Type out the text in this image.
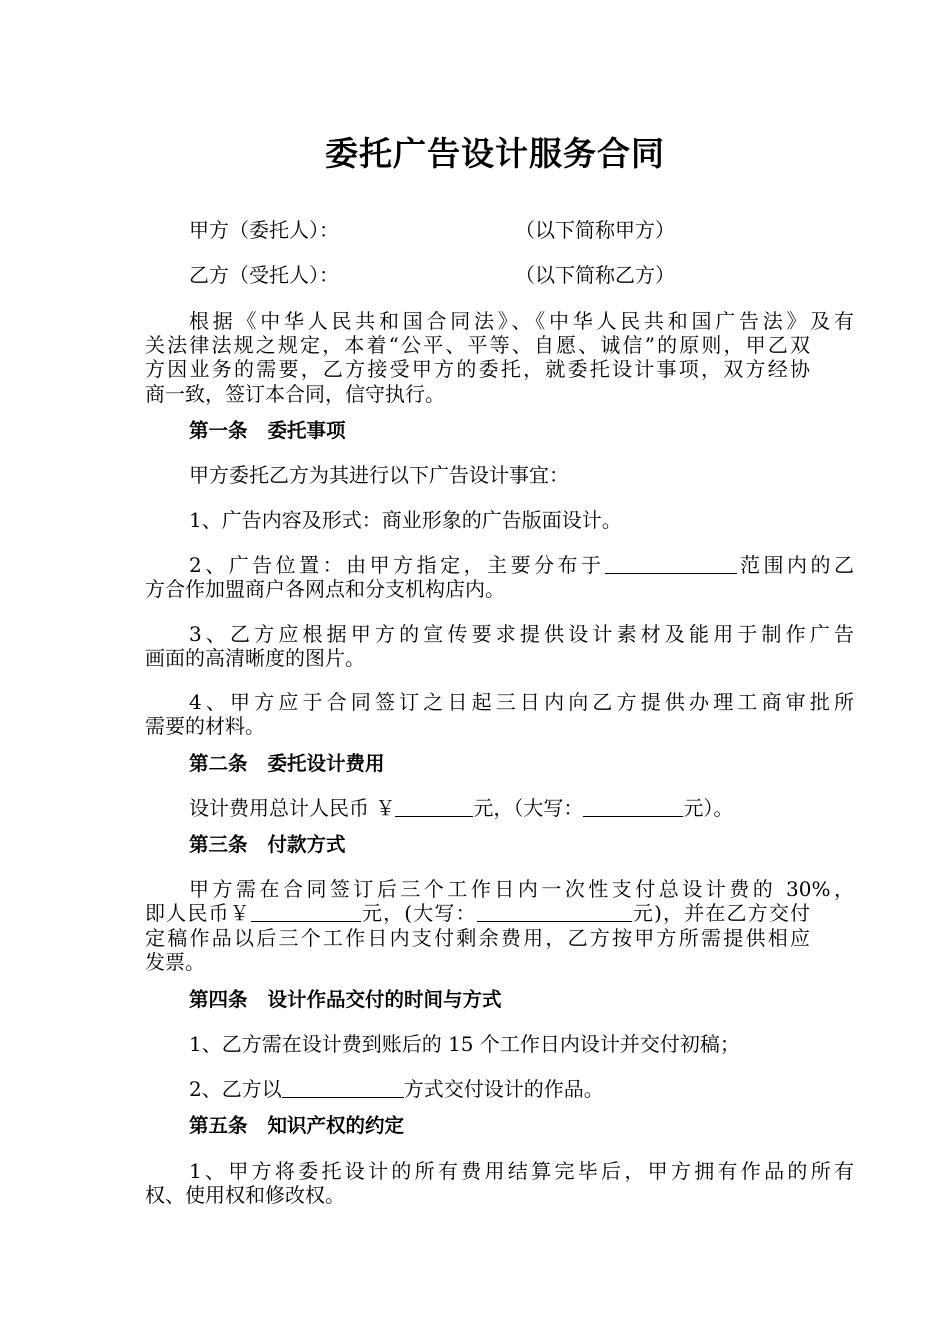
委托广告设计服务合同
甲方（委托人）：	（以下简称甲方）
乙方（受托人）：	（以下简称乙方）
根据《中华人民共和国合同法》、《中华人民共和国广告法》及有
关法律法规之规定，本着“公平、平等、自愿、诚信”的原则，甲乙双
方因业务的需要，乙方接受甲方的委托，就委托设计事项，双方经协
商一致，签订本合同，信守执行。
第一条 委托事项
甲方委托乙方为其进行以下广告设计事宜：
1、广告内容及形式：商业形象的广告版面设计。
2、广告位置：由甲方指定，主要分布于	范围内的乙
方合作加盟商户各网点和分支机构店内。
3、乙方应根据甲方的宣传要求提供设计素材及能用于制作广告
画面的高清晰度的图片。
4、甲方应于合同签订之日起三日内向乙方提供办理工商审批所
需要的材料。
第二条 委托设计费用
设计费用总计人民币 ￥	元，（大写：	元）。
第三条 付款方式
甲方需在合同签订后三个工作日内一次性支付总设计费的 30%，
即人民币￥	元，(大写：	元)，并在乙方交付
定稿作品以后三个工作日内支付剩余费用，乙方按甲方所需提供相应
发票。
第四条 设计作品交付的时间与方式
1、乙方需在设计费到账后的 15 个工作日内设计并交付初稿；
2、乙方以	方式交付设计的作品。
第五条 知识产权的约定
1、甲方将委托设计的所有费用结算完毕后，甲方拥有作品的所有
权、使用权和修改权。
